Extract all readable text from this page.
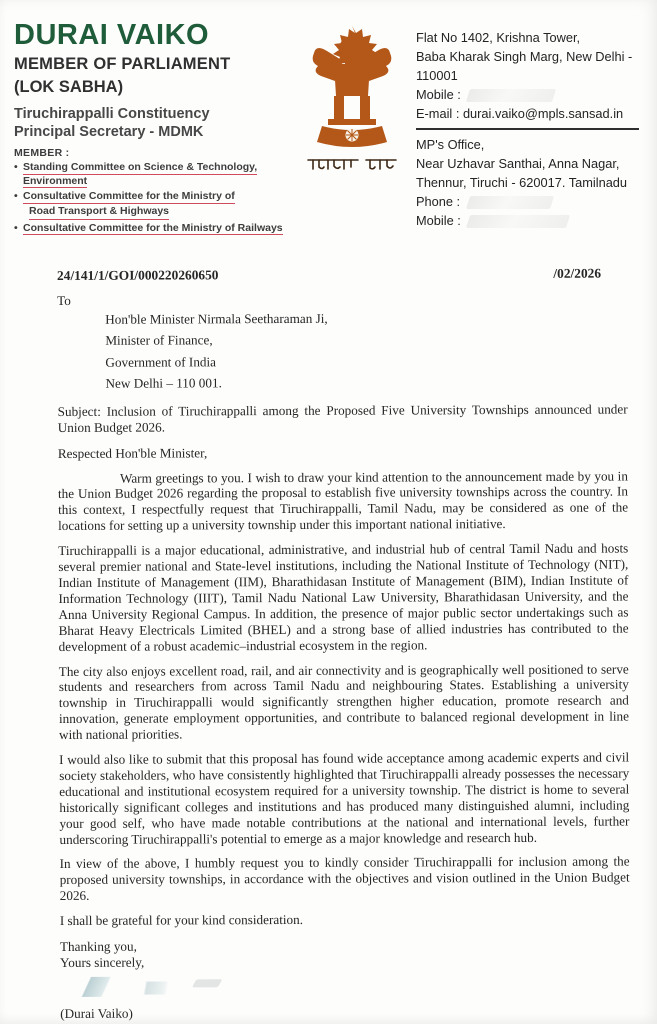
DURAI VAIKO
MEMBER OF PARLIAMENT
(LOK SABHA)
Tiruchirappalli Constituency
Principal Secretary - MDMK
MEMBER :
• Standing Committee on Science & Technology, Environment
• Consultative Committee for the Ministry of
Road Transport & Highways
• Consultative Committee for the Ministry of Railways
Flat No 1402, Krishna Tower,
Baba Kharak Singh Marg, New Delhi - 110001
Mobile :
E-mail : durai.vaiko@mpls.sansad.in
MP's Office,
Near Uzhavar Santhai, Anna Nagar,
Thennur, Tiruchi - 620017. Tamilnadu
Phone :
Mobile :
24/141/1/GOI/000220260650	/02/2026
To
Hon'ble Minister Nirmala Seetharaman Ji,
Minister of Finance,
Government of India
New Delhi – 110 001.

Subject: Inclusion of Tiruchirappalli among the Proposed Five University Townships announced under Union Budget 2026.

Respected Hon'ble Minister,

Warm greetings to you. I wish to draw your kind attention to the announcement made by you in the Union Budget 2026 regarding the proposal to establish five university townships across the country. In this context, I respectfully request that Tiruchirappalli, Tamil Nadu, may be considered as one of the locations for setting up a university township under this important national initiative.

Tiruchirappalli is a major educational, administrative, and industrial hub of central Tamil Nadu and hosts several premier national and State-level institutions, including the National Institute of Technology (NIT), Indian Institute of Management (IIM), Bharathidasan Institute of Management (BIM), Indian Institute of Information Technology (IIIT), Tamil Nadu National Law University, Bharathidasan University, and the Anna University Regional Campus. In addition, the presence of major public sector undertakings such as Bharat Heavy Electricals Limited (BHEL) and a strong base of allied industries has contributed to the development of a robust academic–industrial ecosystem in the region.

The city also enjoys excellent road, rail, and air connectivity and is geographically well positioned to serve students and researchers from across Tamil Nadu and neighbouring States. Establishing a university township in Tiruchirappalli would significantly strengthen higher education, promote research and innovation, generate employment opportunities, and contribute to balanced regional development in line with national priorities.

I would also like to submit that this proposal has found wide acceptance among academic experts and civil society stakeholders, who have consistently highlighted that Tiruchirappalli already possesses the necessary educational and institutional ecosystem required for a university township. The district is home to several historically significant colleges and institutions and has produced many distinguished alumni, including your good self, who have made notable contributions at the national and international levels, further underscoring Tiruchirappalli's potential to emerge as a major knowledge and research hub.

In view of the above, I humbly request you to kindly consider Tiruchirappalli for inclusion among the proposed university townships, in accordance with the objectives and vision outlined in the Union Budget 2026.

I shall be grateful for your kind consideration.

Thanking you,
Yours sincerely,
(Durai Vaiko)
